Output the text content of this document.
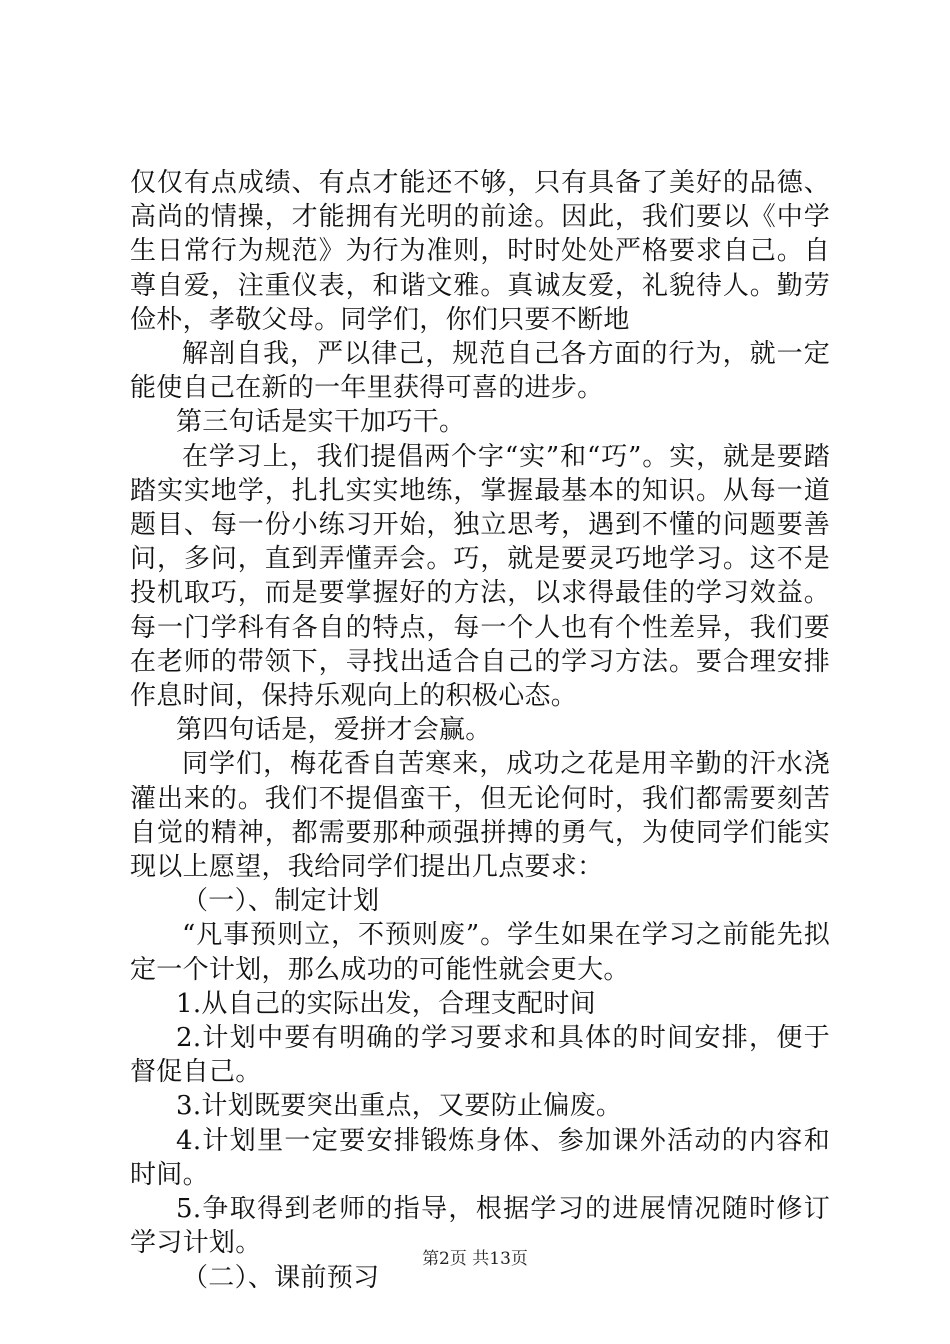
仅仅有点成绩、有点才能还不够，只有具备了美好的品德、高尚的情操，才能拥有光明的前途。因此，我们要以《中学生日常行为规范》为行为准则，时时处处严格要求自己。自尊自爱，注重仪表，和谐文雅。真诚友爱，礼貌待人。勤劳俭朴，孝敬父母。同学们，你们只要不断地

解剖自我，严以律己，规范自己各方面的行为，就一定能使自己在新的一年里获得可喜的进步。

第三句话是实干加巧干。

在学习上，我们提倡两个字“实”和“巧”。实，就是要踏踏实实地学，扎扎实实地练，掌握最基本的知识。从每一道题目、每一份小练习开始，独立思考，遇到不懂的问题要善问，多问，直到弄懂弄会。巧，就是要灵巧地学习。这不是投机取巧，而是要掌握好的方法，以求得最佳的学习效益。每一门学科有各自的特点，每一个人也有个性差异，我们要在老师的带领下，寻找出适合自己的学习方法。要合理安排作息时间，保持乐观向上的积极心态。

第四句话是，爱拼才会赢。

同学们，梅花香自苦寒来，成功之花是用辛勤的汗水浇灌出来的。我们不提倡蛮干，但无论何时，我们都需要刻苦自觉的精神，都需要那种顽强拼搏的勇气，为使同学们能实现以上愿望，我给同学们提出几点要求：

（一）、制定计划

“凡事预则立，不预则废”。学生如果在学习之前能先拟定一个计划，那么成功的可能性就会更大。

1.从自己的实际出发，合理支配时间

2.计划中要有明确的学习要求和具体的时间安排，便于督促自己。

3.计划既要突出重点，又要防止偏废。

4.计划里一定要安排锻炼身体、参加课外活动的内容和时间。

5.争取得到老师的指导，根据学习的进展情况随时修订学习计划。

（二）、课前预习

第2页 共13页
